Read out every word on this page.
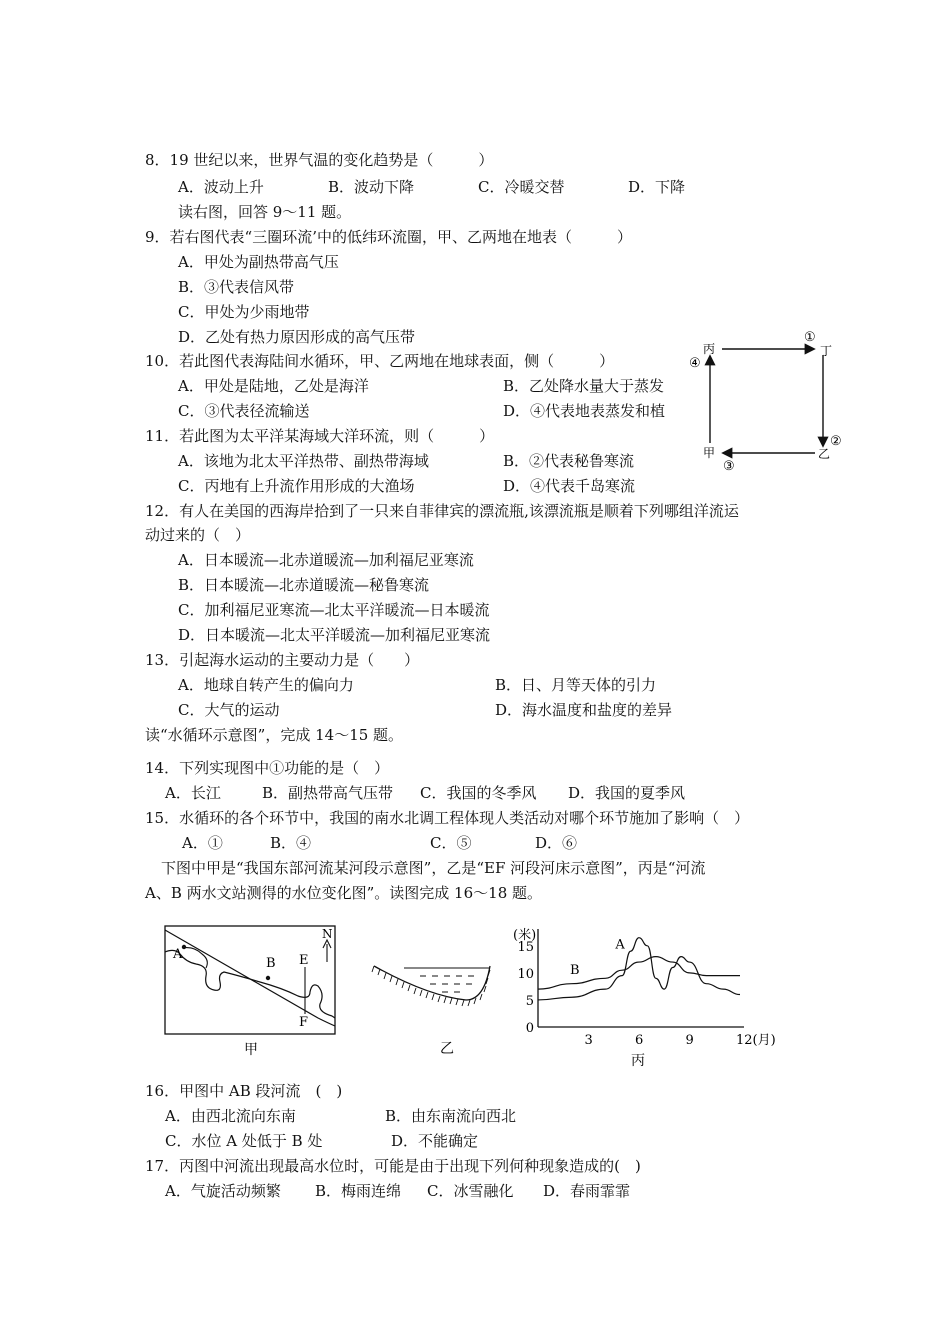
8．19 世纪以来，世界气温的变化趋势是（　　　）
A．波动上升	B．波动下降	C．冷暖交替	D．下降
读右图，回答 9～11 题。
9．若右图代表“三圈环流’中的低纬环流圈，甲、乙两地在地表（　　　）
A．甲处为副热带高气压
B．③代表信风带
C．甲处为少雨地带
D．乙处有热力原因形成的高气压带
10．若此图代表海陆间水循环，甲、乙两地在地球表面，侧（　　　）
A．甲处是陆地，乙处是海洋	B．乙处降水量大于蒸发
C．③代表径流输送	D．④代表地表蒸发和植
11．若此图为太平洋某海域大洋环流，则（　　　）
A．该地为北太平洋热带、副热带海域	B．②代表秘鲁寒流
C．丙地有上升流作用形成的大渔场	D．④代表千岛寒流
丙	丁
甲	乙
①
②
③
④
12．有人在美国的西海岸拾到了一只来自菲律宾的漂流瓶,该漂流瓶是顺着下列哪组洋流运
动过来的（　）
A．日本暖流—北赤道暖流—加利福尼亚寒流
B．日本暖流—北赤道暖流—秘鲁寒流
C．加利福尼亚寒流—北太平洋暖流—日本暖流
D．日本暖流—北太平洋暖流—加利福尼亚寒流
13．引起海水运动的主要动力是（　　）
A．地球自转产生的偏向力	B．日、月等天体的引力
C．大气的运动	D．海水温度和盐度的差异
读“水循环示意图”，完成 14～15 题。
14．下列实现图中①功能的是（　）
A．长江	B．副热带高气压带 C．我国的冬季风 D．我国的夏季风
15．水循环的各个环节中，我国的南水北调工程体现人类活动对哪个环节施加了影响（　）
A．①	B．④	C．⑤	D．⑥
下图中甲是“我国东部河流某河段示意图”，乙是“EF 河段河床示意图”，丙是“河流
A、B 两水文站测得的水位变化图”。读图完成 16～18 题。
A
B E
F
N
甲	乙
(米)
15
10
5
0
3	6	9	12(月)
A
B
丙
16．甲图中 AB 段河流　(　)
A．由西北流向东南	B．由东南流向西北
C．水位 A 处低于 B 处	D．不能确定
17．丙图中河流出现最高水位时，可能是由于出现下列何种现象造成的(　)
A．气旋活动频繁 B．梅雨连绵 C．冰雪融化 D．春雨霏霏
